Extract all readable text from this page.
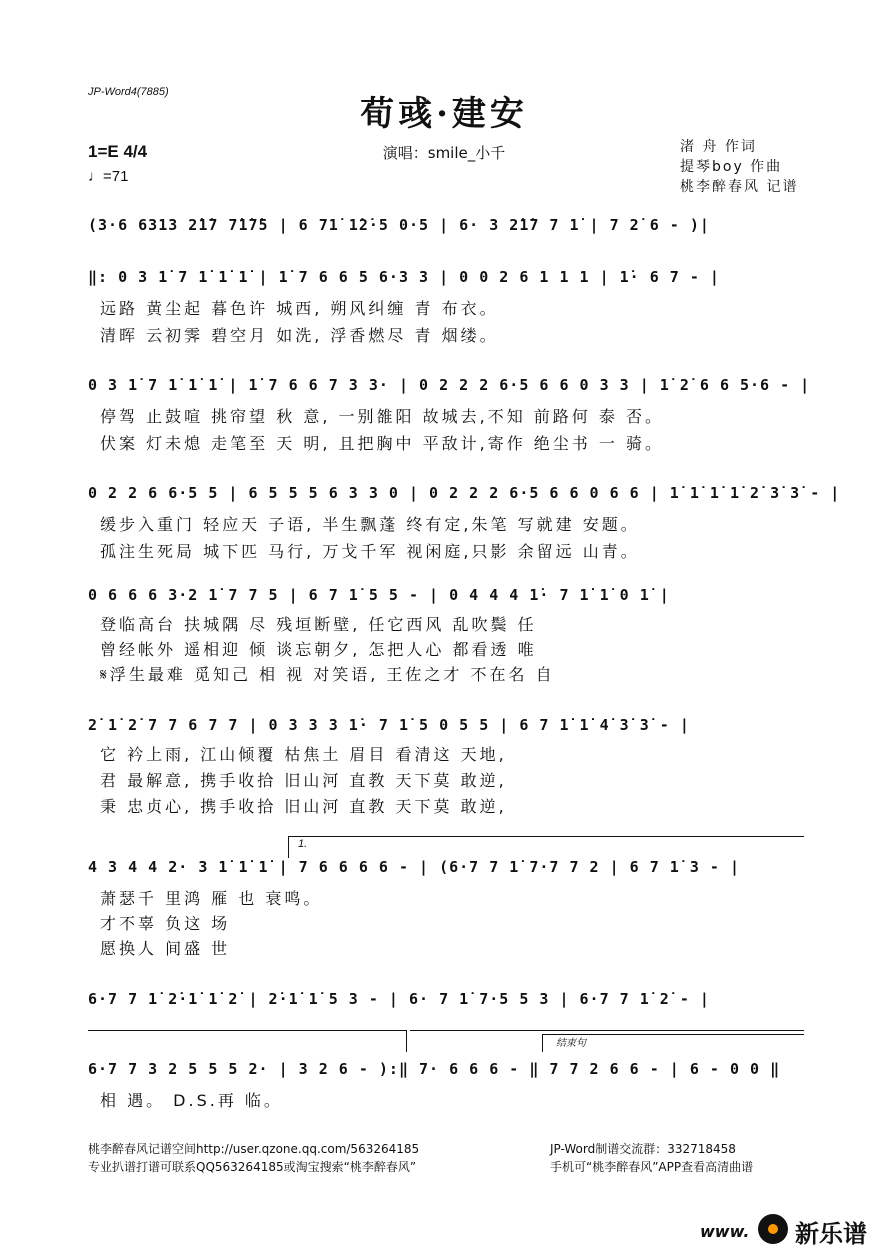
JP-Word4(7885)
荀彧·建安
1=E 4/4
♩=71
演唱：smile_小千	渚 舟 作词
提琴boy 作曲
桃李醉春风 记谱
(3·6 6313 2̇1̇7 7̇1̇7̇5 | 6 71̇ 1̇2̇·5 0·5 | 6· 3 2̇1̇7 7 1̇ | 7 2̇ 6 - )|
‖: 0 3 1̇ 7 1̇ 1̇ 1̇ | 1̇ 7 6 6 5 6·3 3 | 0 0 2 6 1 1 1 | 1̇· 6 7 - |
远路 黄尘起 暮色许 城西, 朔风纠缠 青 布衣。
清晖 云初霁 碧空月 如洗, 浮香燃尽 青 烟缕。
0 3 1̇ 7 1̇ 1̇ 1̇ | 1̇ 7 6 6 7 3 3· | 0 2 2 2 6·5 6 6 0 3 3 | 1̇ 2̇ 6 6 5·6 - |
停驾 止鼓喧 挑帘望 秋 意, 一别雒阳 故城去,不知 前路何 泰 否。
伏案 灯未熄 走笔至 天 明, 且把胸中 平敌计,寄作 绝尘书 一 骑。
0 2 2 6 6·5 5 | 6 5 5 5 6 3 3 0 | 0 2 2 2 6·5 6 6 0 6 6 | 1̇ 1̇ 1̇ 1̇ 2̇ 3̇ 3̇ - |
缓步入重门 轻应天 子语, 半生飘蓬 终有定,朱笔 写就建 安题。
孤注生死局 城下匹 马行, 万戈千军 视闲庭,只影 余留远 山青。
0 6 6 6 3·2 1̇ 7 7 5 | 6 7 1̇ 5 5 - | 0 4 4 4 1̇· 7 1̇ 1̇ 0 1̇ |
登临高台 扶城隅 尽 残垣断壁, 任它西风 乱吹鬓 任
曾经帐外 遥相迎 倾 谈忘朝夕, 怎把人心 都看透 唯
𝄋浮生最难 觅知己 相 视 对笑语, 王佐之才 不在名 自
2̇ 1̇ 2̇ 7 7 6 7 7 | 0 3 3 3 1̇· 7 1̇ 5 0 5 5 | 6 7 1̇ 1̇ 4̇ 3̇ 3̇ - |
它 衿上雨, 江山倾覆 枯焦土 眉目 看清这 天地,
君 最解意, 携手收拾 旧山河 直教 天下莫 敢逆,
秉 忠贞心, 携手收拾 旧山河 直教 天下莫 敢逆,
1.
4 3 4 4 2· 3 1̇ 1̇ 1̇ | 7 6 6 6 6 - | (6·7 7 1̇ 7·7 7 2 | 6 7 1̇ 3 - |
萧瑟千 里鸿 雁 也 衰鸣。
才不辜 负这 场
愿换人 间盛 世
6·7 7 1̇ 2̇·1̇ 1̇ 2̇ | 2̇·1̇ 1̇ 5 3 - | 6· 7 1̇ 7·5 5 3 | 6·7 7 1̇ 2̇ - |
结束句
6·7 7 3 2 5 5 5 2· | 3 2 6 - ):‖ 7· 6 6 6 - ‖ 7 7 2 6 6 - | 6 - 0 0 ‖
相 遇。 D.S.再 临。
桃李醉春风记谱空间http://user.qzone.qq.com/563264185
专业扒谱打谱可联系QQ563264185或淘宝搜索“桃李醉春风”
JP-Word制谱交流群：332718458
手机可“桃李醉春风”APP查看高清曲谱
www. 新乐谱
